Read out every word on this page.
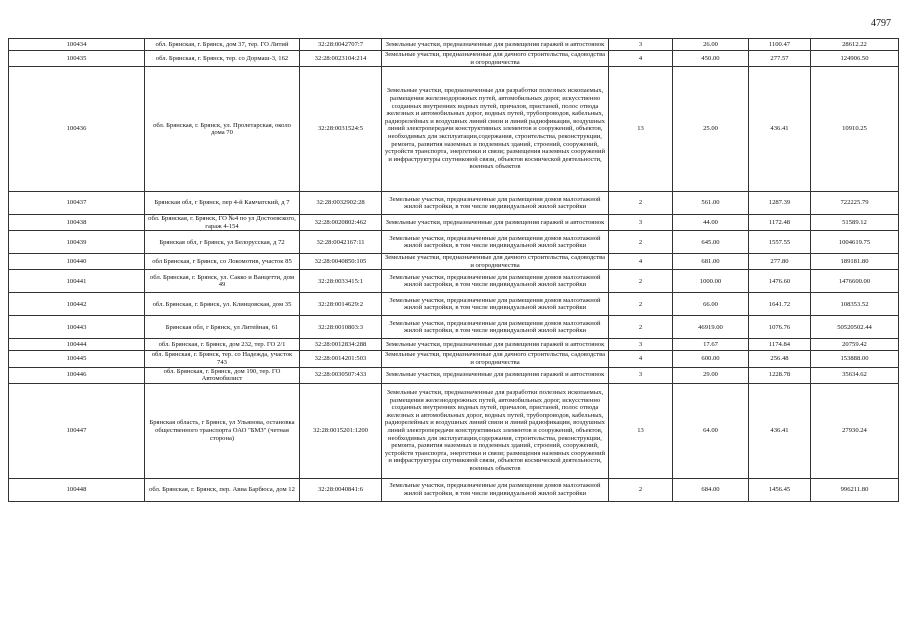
4797
100434	обл. Брянская, г. Брянск, дом 37, тер. ГО Литий	32:28:0042707:7	Земельные участки, предназначенные для размещения гаражей и автостоянок	3	26.00	1100.47	28612.22
100435	обл. Брянская, г. Брянск, тер. со Дормаш-3, 162	32:28:0023104:214	Земельные участки, предназначенные для дачного строительства, садоводства и огородничества	4	450.00	277.57	124906.50
100436	обл. Брянская, г. Брянск, ул. Пролетарская, около дома 70	32:28:0031524:5	Земельные участки, предназначенные для разработки полезных ископаемых, размещения железнодорожных путей, автомобильных дорог, искусственно созданных внутренних водных путей, причалов, пристаней, полос отвода железных и автомобильных дорог, водных путей, трубопроводов, кабельных, радиорелейных и воздушных линий связи и линий радиофикации, воздушных линий электропередачи конструктивных элементов и сооружений, объектов, необходимых для эксплуатации,содержания, строительства, реконструкции, ремонта, развития наземных и подземных зданий, строений, сооружений, устройств транспорта, энергетики и связи; размещения наземных сооружений и инфраструктуры спутниковой связи, объектов космической деятельности, военных объектов	13	25.00	436.41	10910.25
100437	Брянская обл, г Брянск, пер 4-й Камчатский, д 7	32:28:0032902:28	Земельные участки, предназначенные для размещения домов малоэтажной жилой застройки, в том числе индивидуальной жилой застройки	2	561.00	1287.39	722225.79
100438	обл. Брянская, г. Брянск, ГО №4 по ул Достоевского, гараж 4-154	32:28:0020802:462	Земельные участки, предназначенные для размещения гаражей и автостоянок	3	44.00	1172.48	51589.12
100439	Брянская обл, г Брянск, ул Белорусская, д 72	32:28:0042167:11	Земельные участки, предназначенные для размещения домов малоэтажной жилой застройки, в том числе индивидуальной жилой застройки	2	645.00	1557.55	1004619.75
100440	обл Брянская, г Брянск, со Локомотив, участок 85	32:28:0040850:105	Земельные участки, предназначенные для дачного строительства, садоводства и огородничества	4	681.00	277.80	189181.80
100441	обл. Брянская, г. Брянск, ул. Сакко и Ванцетти, дом 49	32:28:0033415:1	Земельные участки, предназначенные для размещения домов малоэтажной жилой застройки, в том числе индивидуальной жилой застройки	2	1000.00	1476.60	1476600.00
100442	обл. Брянская, г. Брянск, ул. Клинцовская, дом 35	32:28:0014629:2	Земельные участки, предназначенные для размещения домов малоэтажной жилой застройки, в том числе индивидуальной жилой застройки	2	66.00	1641.72	108353.52
100443	Брянская обл, г Брянск, ул Литейная, 61	32:28:0010803:3	Земельные участки, предназначенные для размещения домов малоэтажной жилой застройки, в том числе индивидуальной жилой застройки	2	46919.00	1076.76	50520502.44
100444	обл. Брянская, г. Брянск, дом 232, тер. ГО 2/1	32:28:0012834:288	Земельные участки, предназначенные для размещения гаражей и автостоянок	3	17.67	1174.84	20759.42
100445	обл. Брянская, г. Брянск, тер. со Надежда, участок 743	32:28:0014201:503	Земельные участки, предназначенные для дачного строительства, садоводства и огородничества	4	600.00	256.48	153888.00
100446	обл. Брянская, г. Брянск, дом 190, тер. ГО Автомобилист	32:28:0030507:433	Земельные участки, предназначенные для размещения гаражей и автостоянок	3	29.00	1228.78	35634.62
100447	Брянская область, г Брянск, ул Ульянова, остановка общественного транспорта ОАО "БМЗ" (четная сторона)	32:28:0015201:1200	Земельные участки, предназначенные для разработки полезных ископаемых, размещения железнодорожных путей, автомобильных дорог, искусственно созданных внутренних водных путей, причалов, пристаней, полос отвода железных и автомобильных дорог, водных путей, трубопроводов, кабельных, радиорелейных и воздушных линий связи и линий радиофикации, воздушных линий электропередачи конструктивных элементов и сооружений, объектов, необходимых для эксплуатации,содержания, строительства, реконструкции, ремонта, развития наземных и подземных зданий, строений, сооружений, устройств транспорта, энергетики и связи; размещения наземных сооружений и инфраструктуры спутниковой связи, объектов космической деятельности, военных объектов	13	64.00	436.41	27930.24
100448	обл. Брянская, г. Брянск, пер. Авиа Барбюса, дом 12	32:28:0040841:6	Земельные участки, предназначенные для размещения домов малоэтажной жилой застройки, в том числе индивидуальной жилой застройки	2	684.00	1456.45	996211.80
